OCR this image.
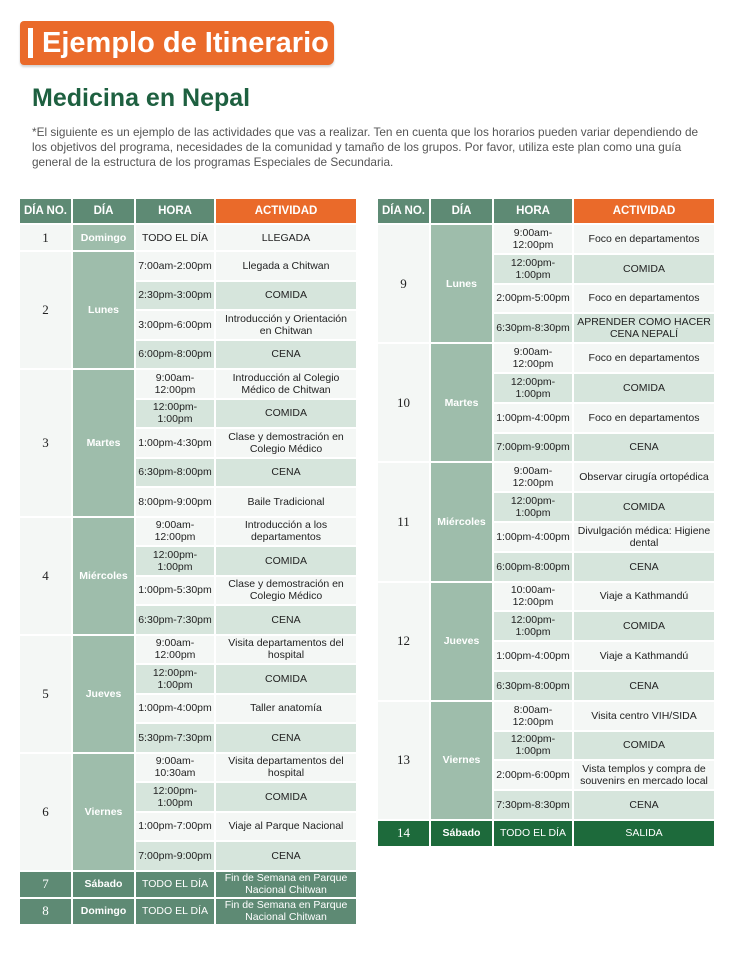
Ejemplo de Itinerario
Medicina en Nepal
*El siguiente es un ejemplo de las actividades que vas a realizar. Ten en cuenta que los horarios pueden variar dependiendo de los objetivos del programa, necesidades de la comunidad y tamaño de los grupos. Por favor, utiliza este plan como una guía general de la estructura de los programas Especiales de Secundaria.
DÍA NO.	DÍA	HORA	ACTIVIDAD
1	Domingo	TODO EL DÍA	LLEGADA
2	Lunes	7:00am-2:00pm	Llegada a Chitwan
		2:30pm-3:00pm	COMIDA
		3:00pm-6:00pm	Introducción y Orientación en Chitwan
		6:00pm-8:00pm	CENA
3	Martes	9:00am-12:00pm	Introducción al Colegio Médico de Chitwan
		12:00pm-1:00pm	COMIDA
		1:00pm-4:30pm	Clase y demostración en Colegio Médico
		6:30pm-8:00pm	CENA
		8:00pm-9:00pm	Baile Tradicional
4	Miércoles	9:00am-12:00pm	Introducción a los departamentos
		12:00pm-1:00pm	COMIDA
		1:00pm-5:30pm	Clase y demostración en Colegio Médico
		6:30pm-7:30pm	CENA
5	Jueves	9:00am-12:00pm	Visita departamentos del hospital
		12:00pm-1:00pm	COMIDA
		1:00pm-4:00pm	Taller anatomía
		5:30pm-7:30pm	CENA
6	Viernes	9:00am-10:30am	Visita departamentos del hospital
		12:00pm-1:00pm	COMIDA
		1:00pm-7:00pm	Viaje al Parque Nacional
		7:00pm-9:00pm	CENA
7	Sábado	TODO EL DÍA	Fin de Semana en Parque Nacional Chitwan
8	Domingo	TODO EL DÍA	Fin de Semana en Parque Nacional Chitwan
DÍA NO.	DÍA	HORA	ACTIVIDAD
9	Lunes	9:00am-12:00pm	Foco en departamentos
		12:00pm-1:00pm	COMIDA
		2:00pm-5:00pm	Foco en departamentos
		6:30pm-8:30pm	APRENDER COMO HACER CENA NEPALÍ
10	Martes	9:00am-12:00pm	Foco en departamentos
		12:00pm-1:00pm	COMIDA
		1:00pm-4:00pm	Foco en departamentos
		7:00pm-9:00pm	CENA
11	Miércoles	9:00am-12:00pm	Observar cirugía ortopédica
		12:00pm-1:00pm	COMIDA
		1:00pm-4:00pm	Divulgación médica: Higiene dental
		6:00pm-8:00pm	CENA
12	Jueves	10:00am-12:00pm	Viaje a Kathmandú
		12:00pm-1:00pm	COMIDA
		1:00pm-4:00pm	Viaje a Kathmandú
		6:30pm-8:00pm	CENA
13	Viernes	8:00am-12:00pm	Visita centro VIH/SIDA
		12:00pm-1:00pm	COMIDA
		2:00pm-6:00pm	Vista templos y compra de souvenirs en mercado local
		7:30pm-8:30pm	CENA
14	Sábado	TODO EL DÍA	SALIDA
